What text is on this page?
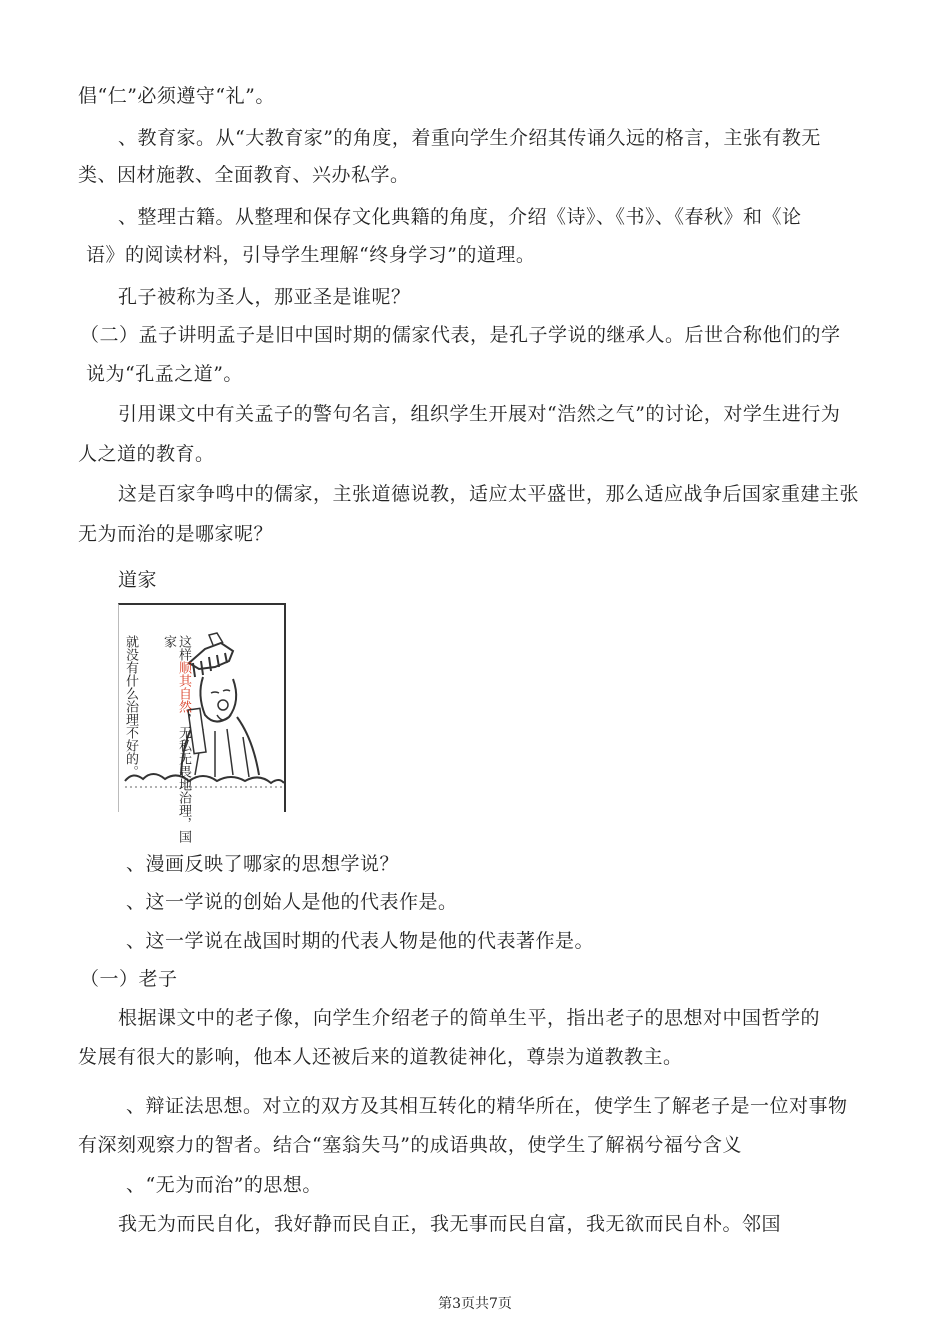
倡“仁”必须遵守“礼”。
、教育家。从“大教育家”的角度，着重向学生介绍其传诵久远的格言，主张有教无
类、因材施教、全面教育、兴办私学。
、整理古籍。从整理和保存文化典籍的角度，介绍《诗》、《书》、《春秋》和《论
语》的阅读材料，引导学生理解“终身学习”的道理。
孔子被称为圣人，那亚圣是谁呢？
（二）孟子讲明孟子是旧中国时期的儒家代表，是孔子学说的继承人。后世合称他们的学
说为“孔孟之道”。
引用课文中有关孟子的警句名言，组织学生开展对“浩然之气”的讨论，对学生进行为
人之道的教育。
这是百家争鸣中的儒家，主张道德说教，适应太平盛世，那么适应战争后国家重建主张
无为而治的是哪家呢？
道家
就没有什么治理不好的。	这样顺其自然，无私无畏地治理，国家
、漫画反映了哪家的思想学说？
、这一学说的创始人是他的代表作是。
、这一学说在战国时期的代表人物是他的代表著作是。
（一）老子
根据课文中的老子像，向学生介绍老子的简单生平，指出老子的思想对中国哲学的
发展有很大的影响，他本人还被后来的道教徒神化，尊崇为道教教主。
、辩证法思想。对立的双方及其相互转化的精华所在，使学生了解老子是一位对事物
有深刻观察力的智者。结合“塞翁失马”的成语典故，使学生了解祸兮福兮含义
、“无为而治”的思想。
我无为而民自化，我好静而民自正，我无事而民自富，我无欲而民自朴。邻国
第3页共7页
